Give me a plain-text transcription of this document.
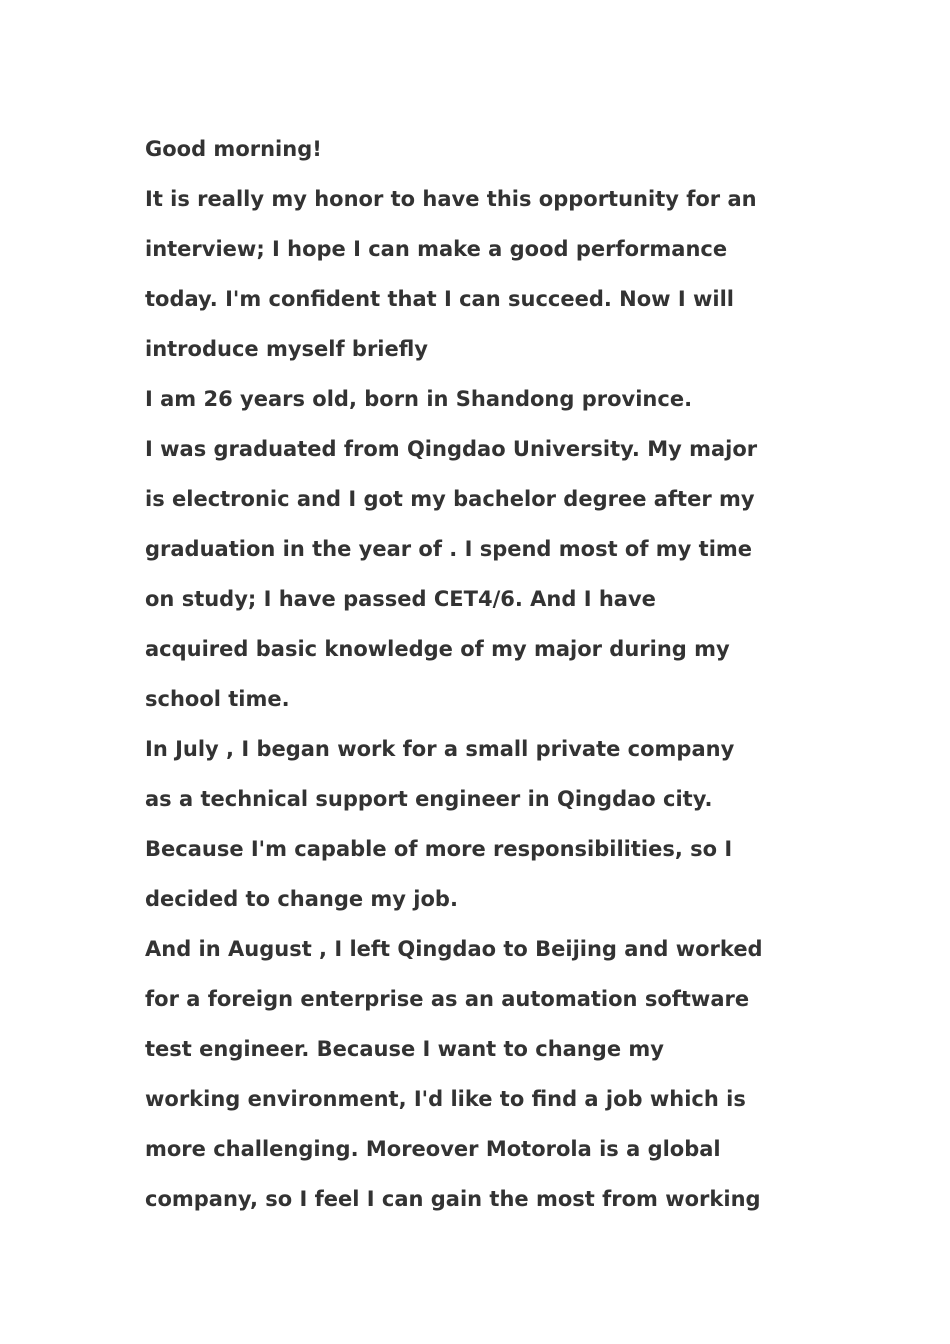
Good morning!
It is really my honor to have this opportunity for an
interview; I hope I can make a good performance
today. I'm confident that I can succeed. Now I will
introduce myself briefly
I am 26 years old, born in Shandong province.
I was graduated from Qingdao University. My major
is electronic and I got my bachelor degree after my
graduation in the year of . I spend most of my time
on study; I have passed CET4/6. And I have
acquired basic knowledge of my major during my
school time.
In July , I began work for a small private company
as a technical support engineer in Qingdao city.
Because I'm capable of more responsibilities, so I
decided to change my job.
And in August , I left Qingdao to Beijing and worked
for a foreign enterprise as an automation software
test engineer. Because I want to change my
working environment, I'd like to find a job which is
more challenging. Moreover Motorola is a global
company, so I feel I can gain the most from working
